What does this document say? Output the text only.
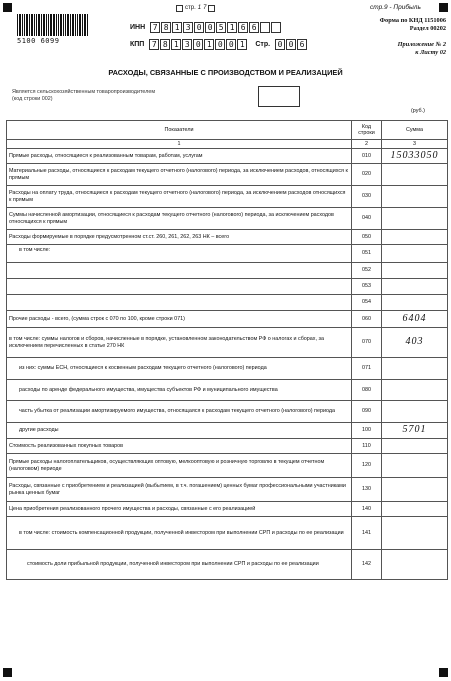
стр. 1 7	стр.9 - Прибыль
5100 6099
ИНН 7 8 1 3 0 0 5 1 6 6
КПП 7 8 1 3 0 1 0 0 1	Стр. 0 0 6
Форма по КНД 1151006
Раздел 00202
Приложение № 2
к Листу 02
РАСХОДЫ, СВЯЗАННЫЕ С ПРОИЗВОДСТВОМ И РЕАЛИЗАЦИЕЙ
Является сельскохозяйственным товаропроизводителем
(код строки 002)
(руб.)
Показатели	Код строки	Сумма
1	2	3
Прямые расходы, относящиеся к реализованным товарам, работам, услугам	010	15033050
Материальные расходы, относящиеся к расходам текущего отчетного (налогового) периода, за исключением расходов, относящихся к прямым	020	
Расходы на оплату труда, относящиеся к расходам текущего отчетного (налогового) периода, за исключением расходов относящихся к прямым	030	
Суммы начисленной амортизации, относящиеся к расходам текущего отчетного (налогового) периода, за исключением расходов относящихся к прямым	040	
Расходы формируемые в порядке предусмотренном ст.ст. 260, 261, 262, 263 НК – всего	050	
в том числе:	051	
	052	
	053	
	054	
Прочие расходы - всего, (сумма строк с 070 по 100, кроме строки 071)	060	6404
в том числе: суммы налогов и сборов, начисленные в порядке, установленном законодательством РФ о налогах и сборах, за исключением перечисленных в статье 270 НК	070	403
из них: суммы ЕСН, относящиеся к косвенным расходам текущего отчетного (налогового) периода	071	
расходы по аренде федерального имущества, имущества субъектов РФ и муниципального имущества	080	
часть убытка от реализации амортизируемого имущества, относящаяся к расходам текущего отчетного (налогового) периода	090	
другие расходы	100	5701
Стоимость реализованных покупных товаров	110	
Прямые расходы налогоплательщиков, осуществляющих оптовую, мелкооптовую и розничную торговлю в текущем отчетном (налоговом) периоде	120	
Расходы, связанные с приобретением и реализацией (выбытием, в т.ч. погашением) ценных бумаг профессиональными участниками рынка ценных бумаг	130	
Цена приобретения реализованного прочего имущества и расходы, связанные с его реализацией	140	
в том числе: стоимость компенсационной продукции, полученной инвестором при выполнении СРП и расходы по ее реализации	141	
стоимость доли прибыльной продукции, полученной инвестором при выполнении СРП и расходы по ее реализации	142	
